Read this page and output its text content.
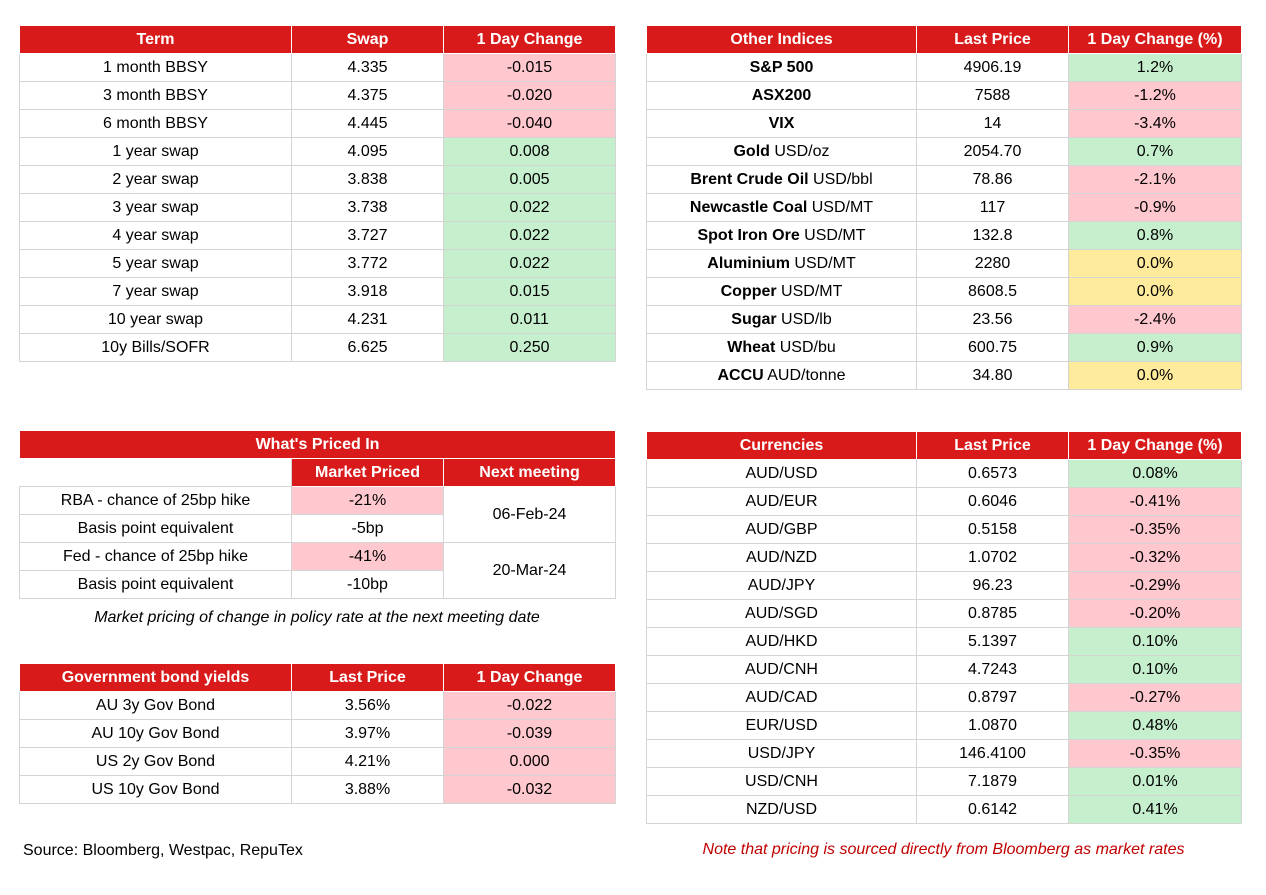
Term	Swap	1 Day Change
1 month BBSY	4.335	-0.015
3 month BBSY	4.375	-0.020
6 month BBSY	4.445	-0.040
1 year swap	4.095	0.008
2 year swap	3.838	0.005
3 year swap	3.738	0.022
4 year swap	3.727	0.022
5 year swap	3.772	0.022
7 year swap	3.918	0.015
10 year swap	4.231	0.011
10y Bills/SOFR	6.625	0.250
Other Indices	Last Price	1 Day Change (%)
S&P 500	4906.19	1.2%
ASX200	7588	-1.2%
VIX	14	-3.4%
Gold USD/oz	2054.70	0.7%
Brent Crude Oil USD/bbl	78.86	-2.1%
Newcastle Coal USD/MT	117	-0.9%
Spot Iron Ore USD/MT	132.8	0.8%
Aluminium USD/MT	2280	0.0%
Copper USD/MT	8608.5	0.0%
Sugar USD/lb	23.56	-2.4%
Wheat USD/bu	600.75	0.9%
ACCU AUD/tonne	34.80	0.0%
What's Priced In		
	Market Priced	Next meeting
RBA - chance of 25bp hike	-21%	06-Feb-24
Basis point equivalent	-5bp	
Fed - chance of 25bp hike	-41%	20-Mar-24
Basis point equivalent	-10bp	
Market pricing of change in policy rate at the next meeting date
Government bond yields	Last Price	1 Day Change
AU 3y Gov Bond	3.56%	-0.022
AU 10y Gov Bond	3.97%	-0.039
US 2y Gov Bond	4.21%	0.000
US 10y Gov Bond	3.88%	-0.032
Currencies	Last Price	1 Day Change (%)
AUD/USD	0.6573	0.08%
AUD/EUR	0.6046	-0.41%
AUD/GBP	0.5158	-0.35%
AUD/NZD	1.0702	-0.32%
AUD/JPY	96.23	-0.29%
AUD/SGD	0.8785	-0.20%
AUD/HKD	5.1397	0.10%
AUD/CNH	4.7243	0.10%
AUD/CAD	0.8797	-0.27%
EUR/USD	1.0870	0.48%
USD/JPY	146.4100	-0.35%
USD/CNH	7.1879	0.01%
NZD/USD	0.6142	0.41%
Source: Bloomberg, Westpac, RepuTex	Note that pricing is sourced directly from Bloomberg as market rates
